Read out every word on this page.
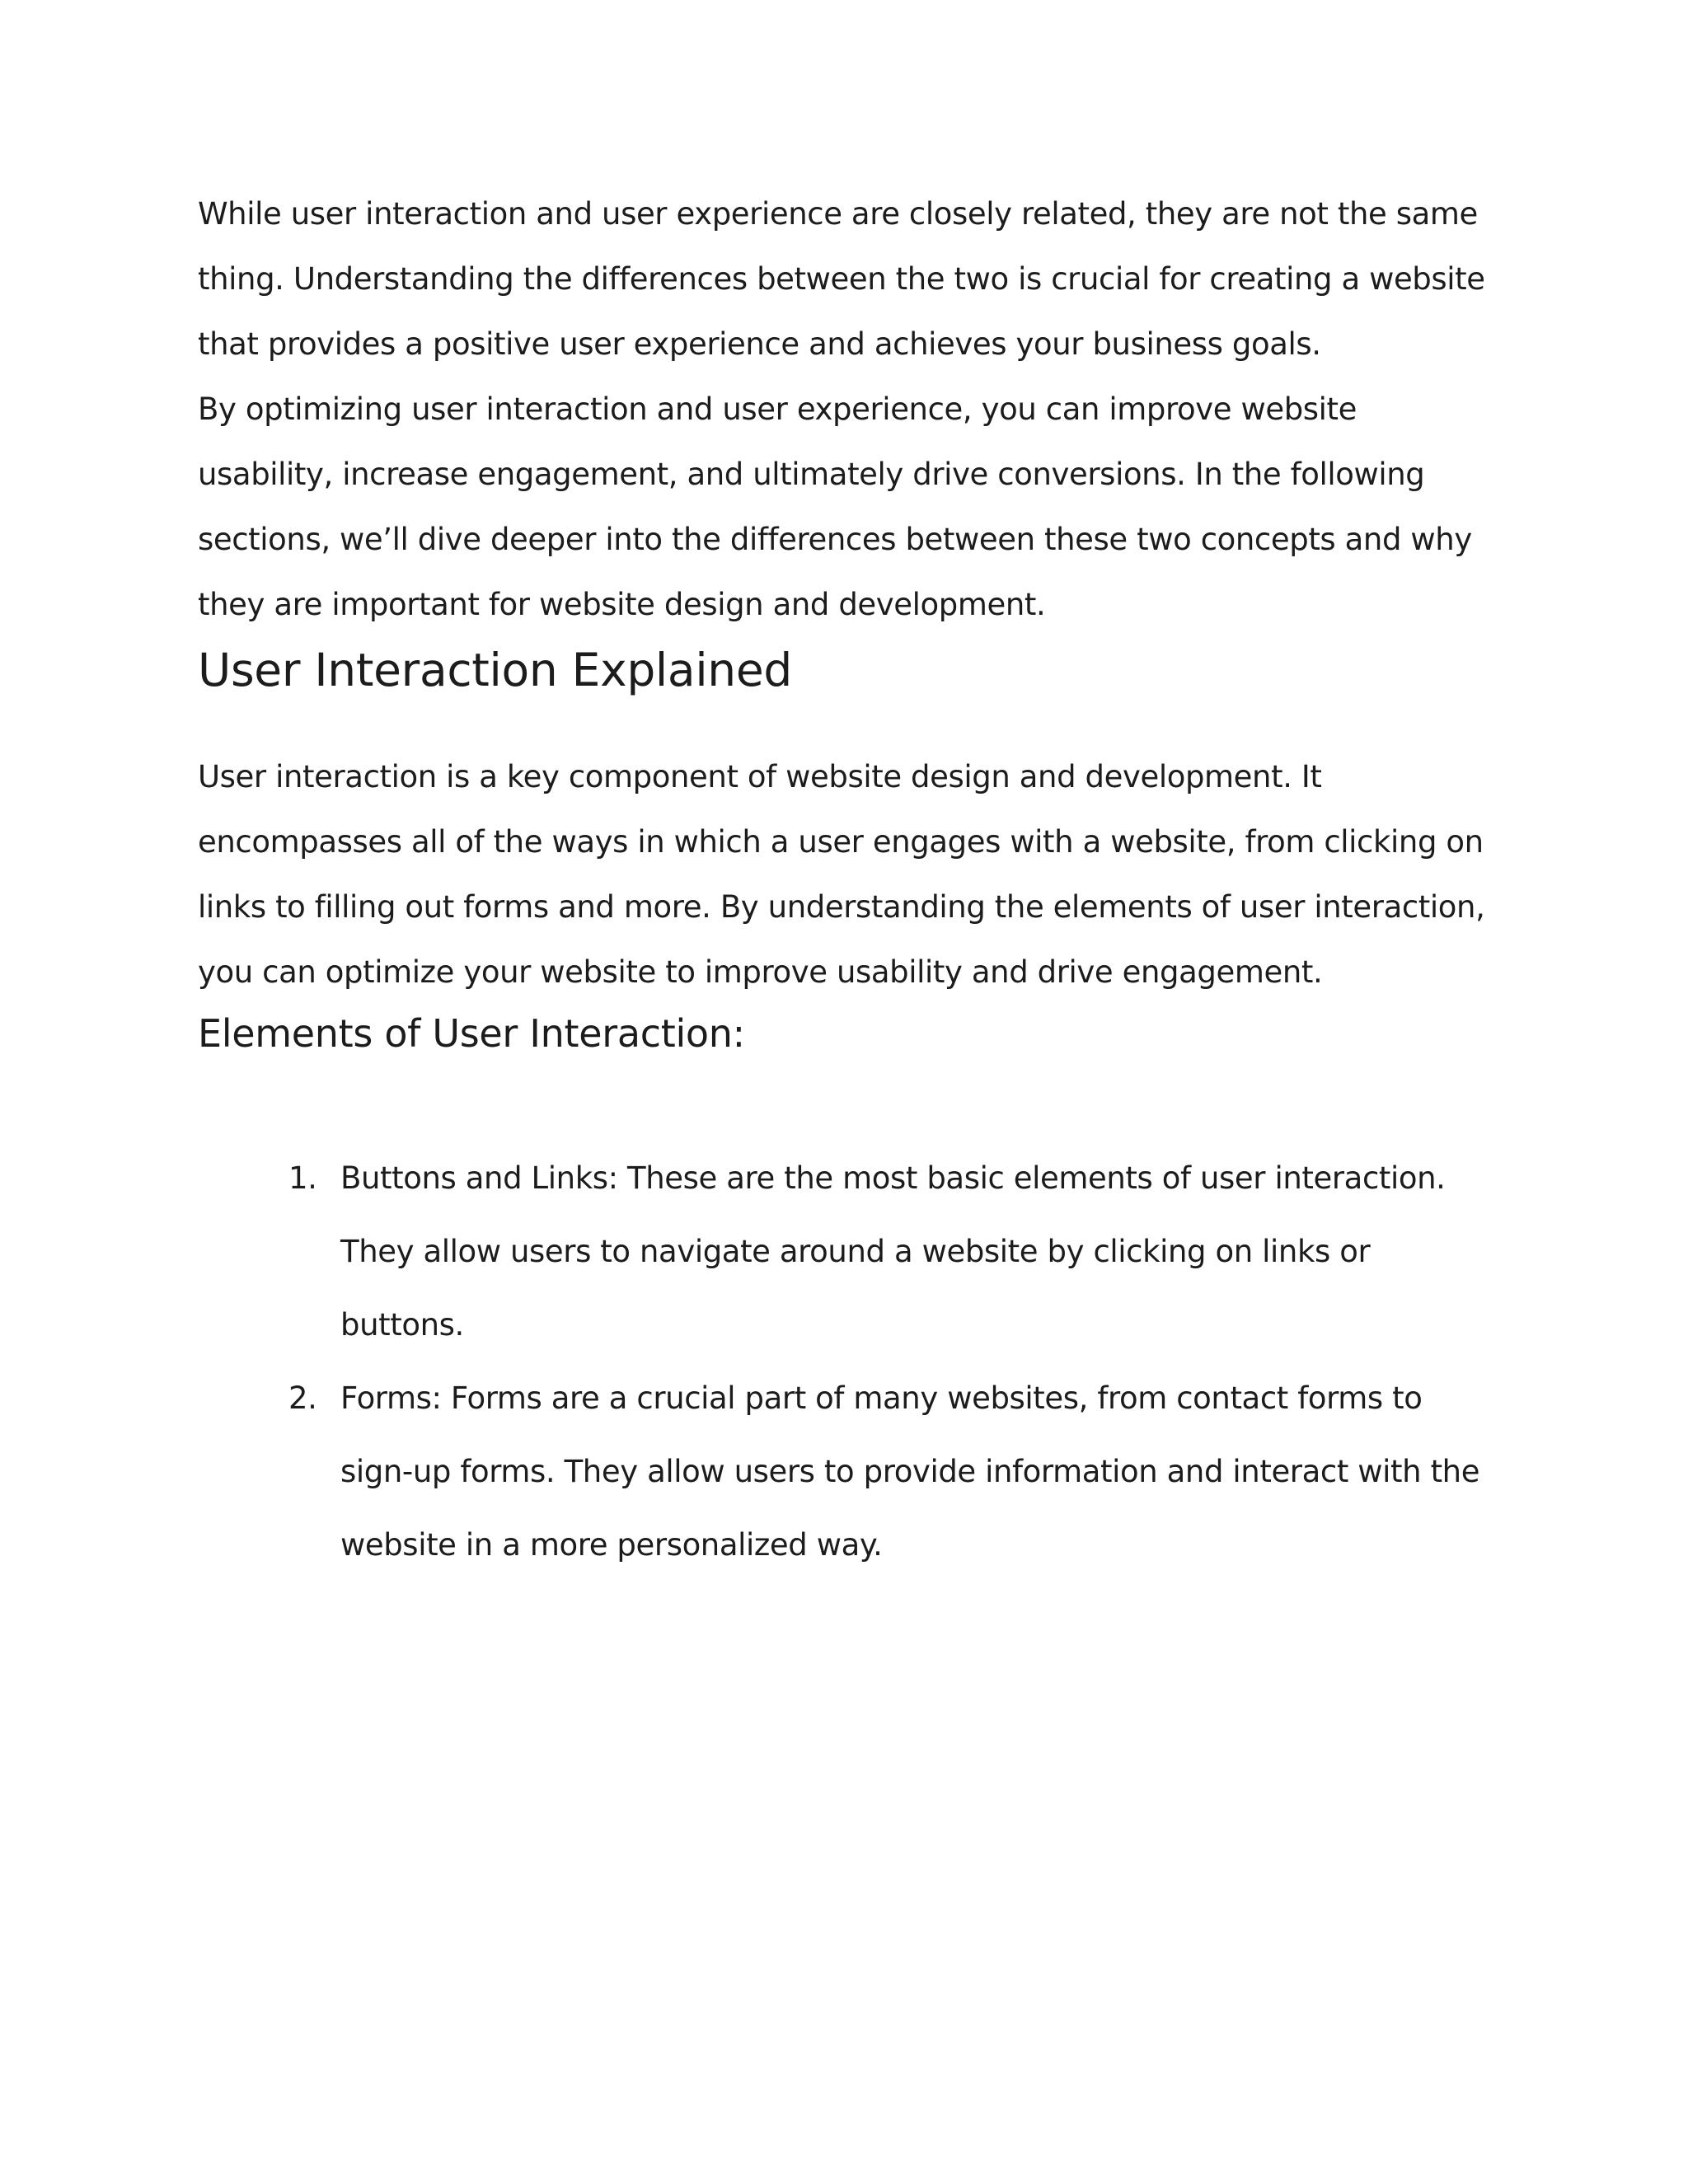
While user interaction and user experience are closely related, they are not the same thing. Understanding the differences between the two is crucial for creating a website that provides a positive user experience and achieves your business goals.

By optimizing user interaction and user experience, you can improve website usability, increase engagement, and ultimately drive conversions. In the following sections, we’ll dive deeper into the differences between these two concepts and why they are important for website design and development.

User Interaction Explained

User interaction is a key component of website design and development. It encompasses all of the ways in which a user engages with a website, from clicking on links to filling out forms and more. By understanding the elements of user interaction, you can optimize your website to improve usability and drive engagement.

Elements of User Interaction:
1. Buttons and Links: These are the most basic elements of user interaction. They allow users to navigate around a website by clicking on links or buttons.
2. Forms: Forms are a crucial part of many websites, from contact forms to sign-up forms. They allow users to provide information and interact with the website in a more personalized way.
